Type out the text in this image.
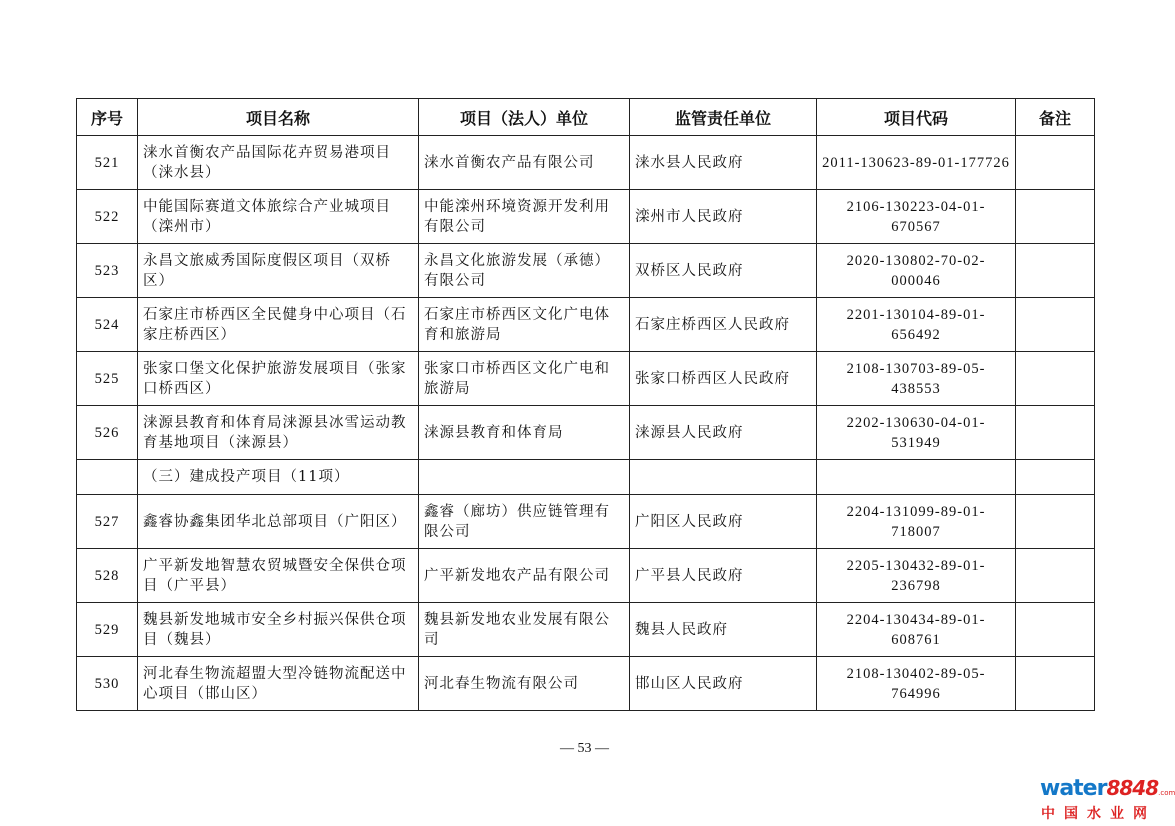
序号	项目名称	项目（法人）单位	监管责任单位	项目代码	备注
521	涞水首衡农产品国际花卉贸易港项目（涞水县）	涞水首衡农产品有限公司	涞水县人民政府	2011-130623-89-01-177726	
522	中能国际赛道文体旅综合产业城项目（滦州市）	中能滦州环境资源开发利用有限公司	滦州市人民政府	2106-130223-04-01-670567	
523	永昌文旅威秀国际度假区项目（双桥区）	永昌文化旅游发展（承德）有限公司	双桥区人民政府	2020-130802-70-02-000046	
524	石家庄市桥西区全民健身中心项目（石家庄桥西区）	石家庄市桥西区文化广电体育和旅游局	石家庄桥西区人民政府	2201-130104-89-01-656492	
525	张家口堡文化保护旅游发展项目（张家口桥西区）	张家口市桥西区文化广电和旅游局	张家口桥西区人民政府	2108-130703-89-05-438553	
526	涞源县教育和体育局涞源县冰雪运动教育基地项目（涞源县）	涞源县教育和体育局	涞源县人民政府	2202-130630-04-01-531949	
	（三）建成投产项目（11项）				
527	鑫睿协鑫集团华北总部项目（广阳区）	鑫睿（廊坊）供应链管理有限公司	广阳区人民政府	2204-131099-89-01-718007	
528	广平新发地智慧农贸城暨安全保供仓项目（广平县）	广平新发地农产品有限公司	广平县人民政府	2205-130432-89-01-236798	
529	魏县新发地城市安全乡村振兴保供仓项目（魏县）	魏县新发地农业发展有限公司	魏县人民政府	2204-130434-89-01-608761	
530	河北春生物流超盟大型冷链物流配送中心项目（邯山区）	河北春生物流有限公司	邯山区人民政府	2108-130402-89-05-764996	
— 53 —
water8848.com
中国水业网
